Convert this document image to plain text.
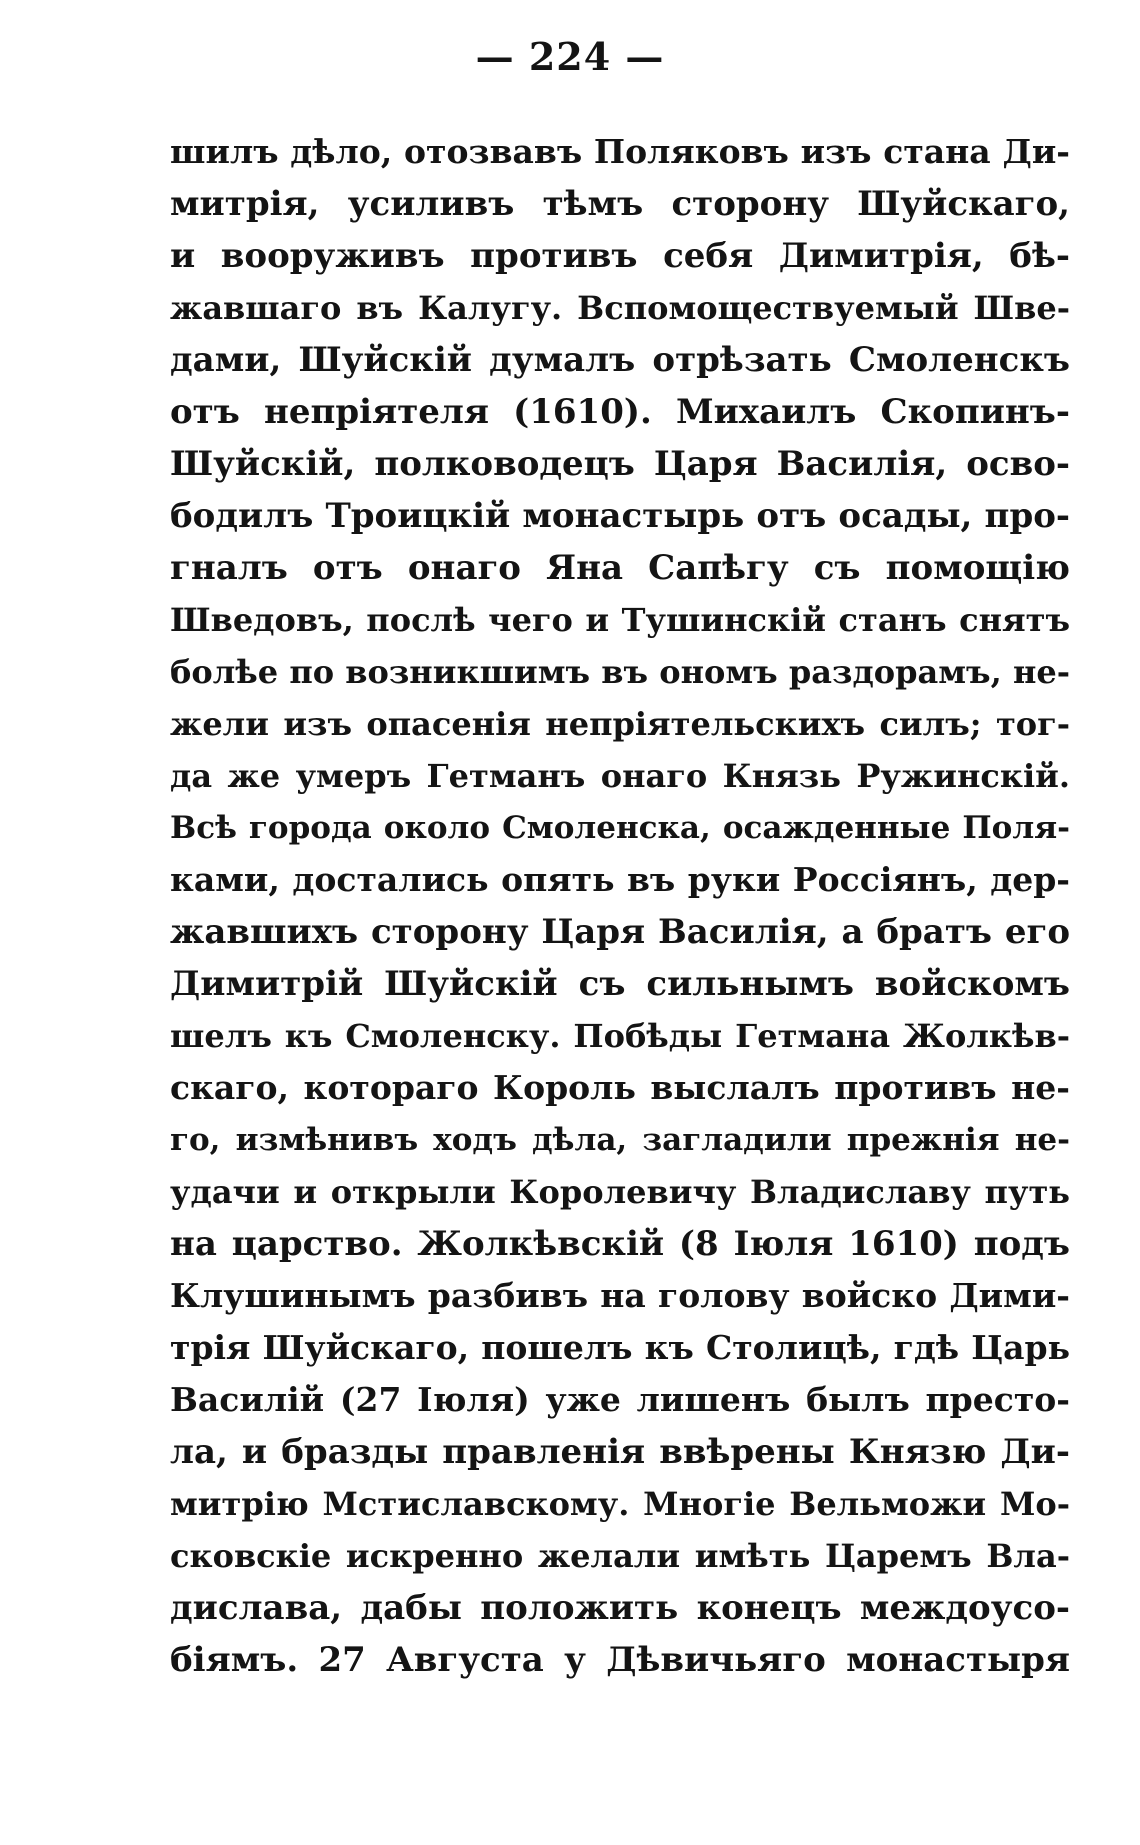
— 224 —
шилъ дѣло, отозвавъ Поляковъ изъ стана Ди-
митрія, усиливъ тѣмъ сторону Шуйскаго,
и вооруживъ противъ себя Димитрія, бѣ-
жавшаго въ Калугу. Вспомоществуемый Шве-
дами, Шуйскій думалъ отрѣзать Смоленскъ
отъ непріятеля (1610). Михаилъ Скопинъ-
Шуйскій, полководецъ Царя Василія, осво-
бодилъ Троицкій монастырь отъ осады, про-
гналъ отъ онаго Яна Сапѣгу съ помощію
Шведовъ, послѣ чего и Тушинскій станъ снятъ
болѣе по возникшимъ въ ономъ раздорамъ, не-
жели изъ опасенія непріятельскихъ силъ; тог-
да же умеръ Гетманъ онаго Князь Ружинскій.
Всѣ города около Смоленска, осажденные Поля-
ками, достались опять въ руки Россіянъ, дер-
жавшихъ сторону Царя Василія, а братъ его
Димитрій Шуйскій съ сильнымъ войскомъ
шелъ къ Смоленску. Побѣды Гетмана Жолкѣв-
скаго, котораго Король выслалъ противъ не-
го, измѣнивъ ходъ дѣла, загладили прежнія не-
удачи и открыли Королевичу Владиславу путь
на царство. Жолкѣвскій (8 Іюля 1610) подъ
Клушинымъ разбивъ на голову войско Дими-
трія Шуйскаго, пошелъ къ Столицѣ, гдѣ Царь
Василій (27 Іюля) уже лишенъ былъ престо-
ла, и бразды правленія ввѣрены Князю Ди-
митрію Мстиславскому. Многіе Вельможи Мо-
сковскіе искренно желали имѣть Царемъ Вла-
дислава, дабы положить конецъ междоусо-
біямъ. 27 Августа у Дѣвичьяго монастыря
